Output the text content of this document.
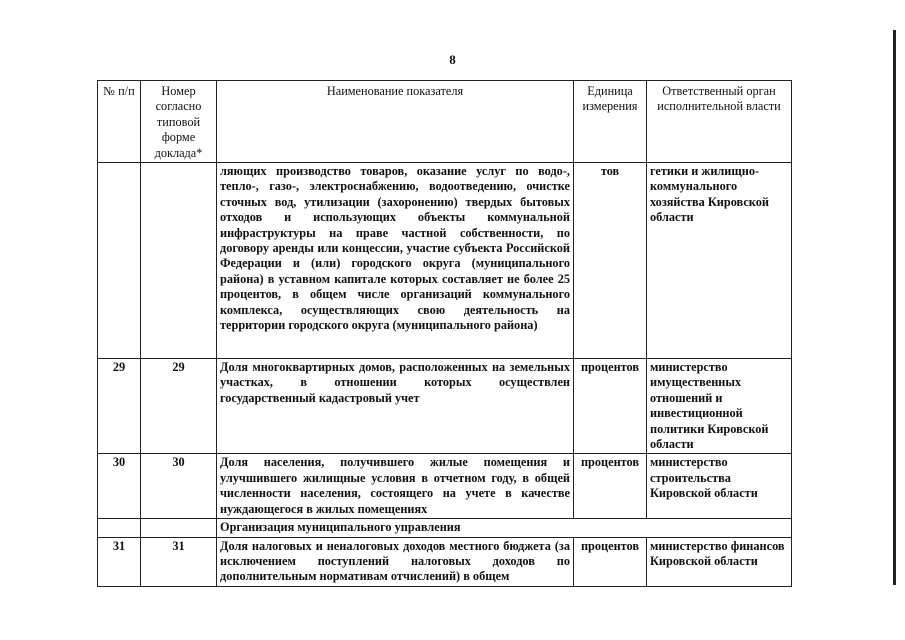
8
№ п/п	Номер согласно типовой форме доклада*	Наименование показателя	Единица измерения	Ответственный орган исполнительной власти
		ляющих производство товаров, оказание услуг по водо-, тепло-, газо-, электроснабжению, водоотведению, очистке сточных вод, утилизации (захоронению) твердых бытовых отходов и использующих объекты коммунальной инфраструктуры на праве частной собственности, по договору аренды или концессии, участие субъекта Российской Федерации и (или) городского округа (муниципального района) в уставном капитале которых составляет не более 25 процентов, в общем числе организаций коммунального комплекса, осуществляющих свою деятельность на территории городского округа (муниципального района)	тов	гетики и жилищно-коммунального хозяйства Кировской области
29	29	Доля многоквартирных домов, расположенных на земельных участках, в отношении которых осуществлен государственный кадастровый учет	процентов	министерство имущественных отношений и инвестиционной политики Кировской области
30	30	Доля населения, получившего жилые помещения и улучшившего жилищные условия в отчетном году, в общей численности населения, состоящего на учете в качестве нуждающегося в жилых помещениях	процентов	министерство строительства Кировской области
		Организация муниципального управления		
31	31	Доля налоговых и неналоговых доходов местного бюджета (за исключением поступлений налоговых доходов по дополнительным нормативам отчислений) в общем	процентов	министерство финансов Кировской области
